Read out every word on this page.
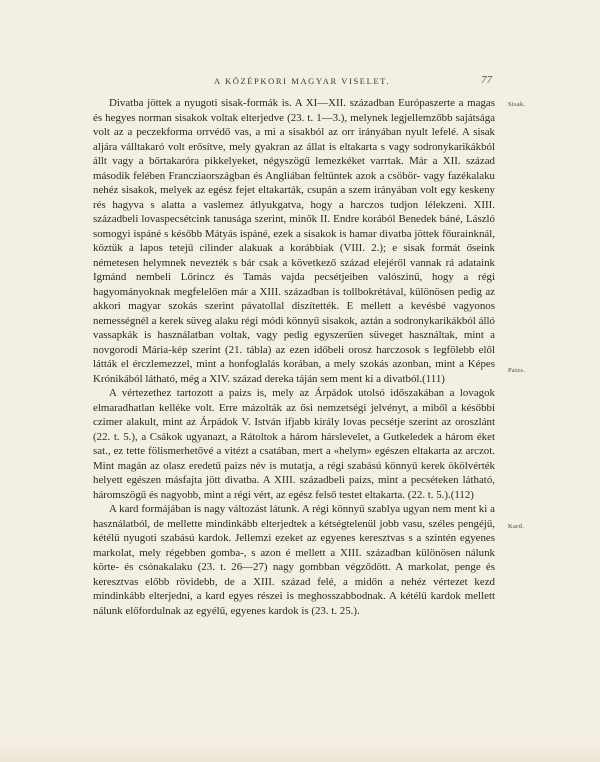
A KÖZÉPKORI MAGYAR VISELET.	77
Sisak.
Paizs.
Kard.

Divatba jöttek a nyugoti sisak-formák is. A XI—XII. században Európaszerte a magas és hegyes norman sisakok voltak elterjedve (23. t. 1—3.), melynek legjellemzőbb sajátsága volt az a peczekforma orrvédő vas, a mi a sisakból az orr irányában nyult lefelé. A sisak aljára válltakaró volt erősítve, mely gyakran az állat is eltakarta s vagy sodronykarikákból állt vagy a bőrtakaróra pikkelyeket, négyszögű lemezkéket varrtak. Már a XII. század második felében Francziaországban és Angliában feltüntek azok a csöbör- vagy fazékalaku nehéz sisakok, melyek az egész fejet eltakarták, csupán a szem irányában volt egy keskeny rés hagyva s alatta a vaslemez átlyukgatva, hogy a harczos tudjon lélekzeni. XIII. századbeli lovaspecsétcink tanusága szerint, minők II. Endre korából Benedek báné, László somogyi ispáné s később Mátyás ispáné, ezek a sisakok is hamar divatba jöttek főurainknál, köztük a lapos tetejű cilinder alakuak a korábbiak (VIII. 2.); e sisak formát őseink németesen helymnek nevezték s bár csak a következő század elejéről vannak rá adataink Igmánd nembeli Lőrincz és Tamás vajda pecsétjeiben valószinű, hogy a régi hagyományoknak megfelelően már a XIII. században is tollbokrétával, különösen pedig az akkori magyar szokás szerint pávatollal diszítették. E mellett a kevésbé vagyonos nemességnél a kerek süveg alaku régi módi könnyű sisakok, aztán a sodronykarikákból álló vassapkák is használatban voltak, vagy pedig egyszerűen süveget használtak, mint a novgorodi Mária-kép szerint (21. tábla) az ezen időbeli orosz harczosok s legfölebb elől látták el érczlemezzel, mint a honfoglalás korában, a mely szokás azonban, mint a Képes Krónikából látható, még a XIV. század dereka táján sem ment ki a divatból.(111)

A vértezethez tartozott a paizs is, mely az Árpádok utolsó időszakában a lovagok elmaradhatlan kelléke volt. Erre mázolták az ősi nemzetségi jelvényt, a miből a későbbi czimer alakult, mint az Árpádok V. István ifjabb király lovas pecsétje szerint az oroszlánt (22. t. 5.), a Csákok ugyanazt, a Rátoltok a három hárslevelet, a Gutkeledek a három éket sat., ez tette fölismerhetővé a vitézt a csatában, mert a «helym» egészen eltakarta az arczot. Mint magán az olasz eredetű paizs név is mutatja, a régi szabású könnyű kerek ökölvérték helyett egészen másfajta jött divatba. A XIII. századbeli paizs, mint a pecséteken látható, háromszögű és nagyobb, mint a régi vért, az egész felső testet eltakarta. (22. t. 5.).(112)

A kard formájában is nagy változást látunk. A régi könnyű szablya ugyan nem ment ki a használatból, de mellette mindinkább elterjedtek a kétségtelenül jobb vasu, széles pengéjű, kétélű nyugoti szabású kardok. Jellemzi ezeket az egyenes keresztvas s a szintén egyenes markolat, mely régebben gomba-, s azon é mellett a XIII. században különösen nálunk körte- és csónakalaku (23. t. 26—27) nagy gombban végződött. A markolat, penge és keresztvas előbb rövidebb, de a XIII. század felé, a midőn a nehéz vértezet kezd mindinkább elterjedni, a kard egyes részei is meghosszabbodnak. A kétélű kardok mellett nálunk előfordulnak az egyélű, egyenes kardok is (23. t. 25.).
